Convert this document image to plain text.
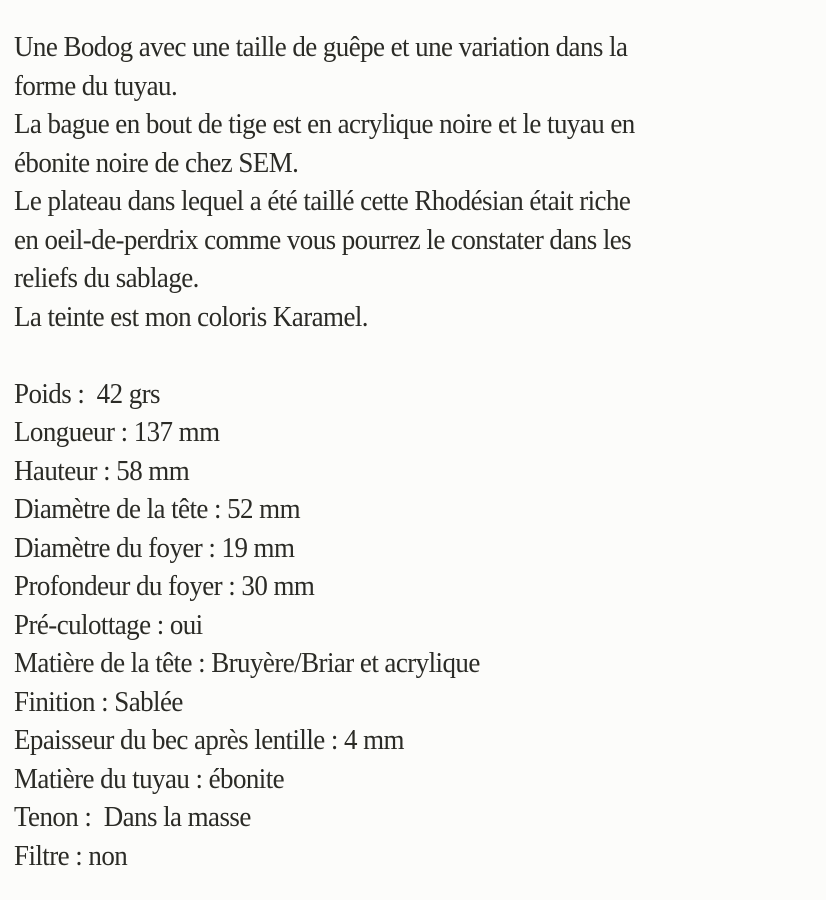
Une Bodog avec une taille de guêpe et une variation dans la
forme du tuyau.
La bague en bout de tige est en acrylique noire et le tuyau en
ébonite noire de chez SEM.
Le plateau dans lequel a été taillé cette Rhodésian était riche
en oeil-de-perdrix comme vous pourrez le constater dans les
reliefs du sablage.
La teinte est mon coloris Karamel.
Poids :  42 grs
Longueur : 137 mm
Hauteur : 58 mm
Diamètre de la tête : 52 mm
Diamètre du foyer : 19 mm
Profondeur du foyer : 30 mm
Pré-culottage : oui
Matière de la tête : Bruyère/Briar et acrylique
Finition : Sablée
Epaisseur du bec après lentille : 4 mm
Matière du tuyau : ébonite
Tenon :  Dans la masse
Filtre : non
